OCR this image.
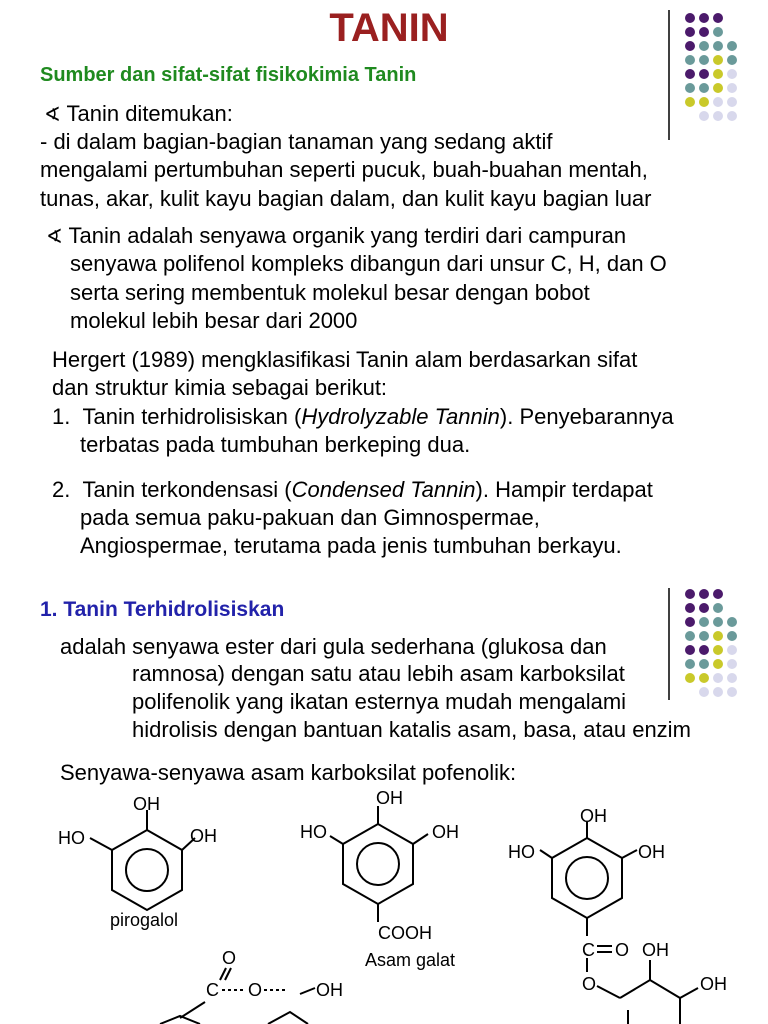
TANIN
Sumber dan sifat-sifat fisikokimia Tanin
∢ Tanin ditemukan:
- di dalam bagian-bagian tanaman yang sedang aktif
mengalami pertumbuhan seperti pucuk, buah-buahan mentah,
tunas, akar, kulit kayu bagian dalam, dan kulit kayu bagian luar
∢ Tanin adalah senyawa organik yang terdiri dari campuran
senyawa polifenol kompleks dibangun dari unsur C, H, dan O
serta sering membentuk molekul besar dengan bobot
molekul lebih besar dari 2000
Hergert (1989) mengklasifikasi Tanin alam berdasarkan sifat
dan struktur kimia sebagai berikut:
1. Tanin terhidrolisiskan (Hydrolyzable Tannin). Penyebarannya
terbatas pada tumbuhan berkeping dua.
2. Tanin terkondensasi (Condensed Tannin). Hampir terdapat
pada semua paku-pakuan dan Gimnospermae,
Angiospermae, terutama pada jenis tumbuhan berkayu.
1. Tanin Terhidrolisiskan
adalah senyawa ester dari gula sederhana (glukosa dan
ramnosa) dengan satu atau lebih asam karboksilat
polifenolik yang ikatan esternya mudah mengalami
hidrolisis dengan bantuan katalis asam, basa, atau enzim
Senyawa-senyawa asam karboksilat pofenolik:
OH
HO	OH
pirogalol
OH
HO	OH
COOH
Asam galat
OH
HO	OH
C O
O
OH
OH
O
C O	OH
